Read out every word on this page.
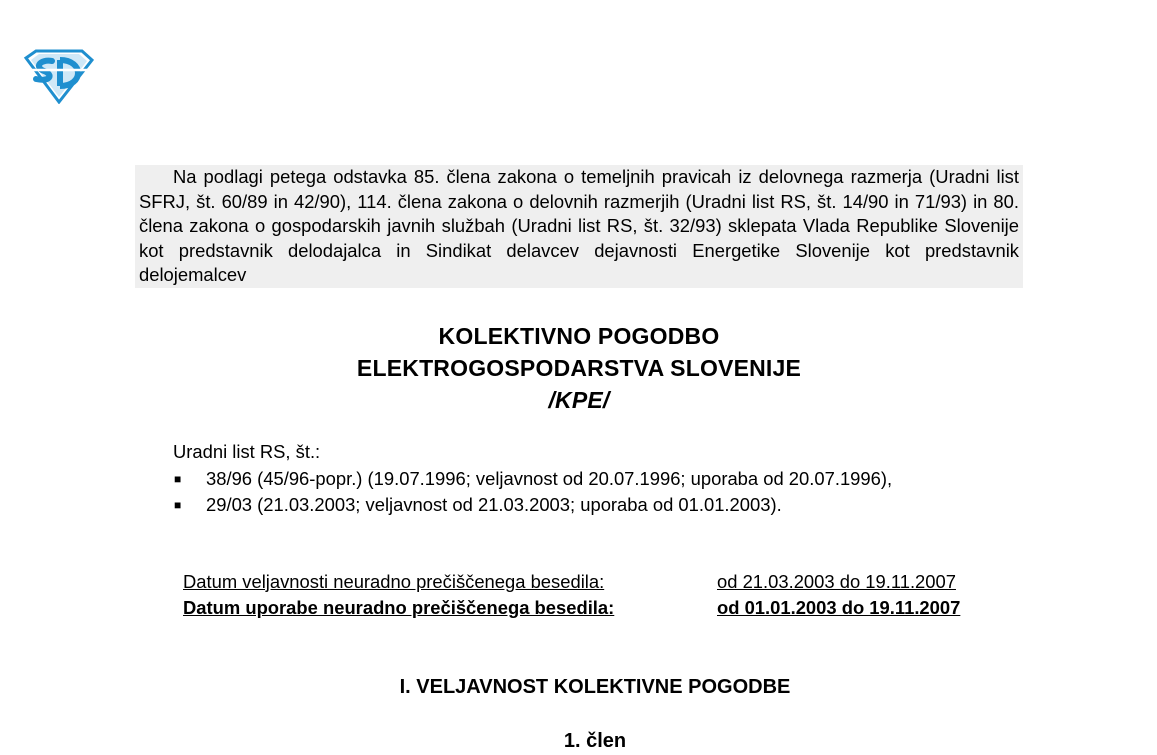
Na podlagi petega odstavka 85. člena zakona o temeljnih pravicah iz delovnega razmerja (Uradni list SFRJ, št. 60/89 in 42/90), 114. člena zakona o delovnih razmerjih (Uradni list RS, št. 14/90 in 71/93) in 80. člena zakona o gospodarskih javnih službah (Uradni list RS, št. 32/93) sklepata Vlada Republike Slovenije kot predstavnik delodajalca in Sindikat delavcev dejavnosti Energetike Slovenije kot predstavnik delojemalcev
KOLEKTIVNO POGODBO
ELEKTROGOSPODARSTVA SLOVENIJE
/KPE/
Uradni list RS, št.:
■ 38/96 (45/96-popr.) (19.07.1996; veljavnost od 20.07.1996; uporaba od 20.07.1996),
■ 29/03 (21.03.2003; veljavnost od 21.03.2003; uporaba od 01.01.2003).
Datum veljavnosti neuradno prečiščenega besedila:	od 21.03.2003 do 19.11.2007
Datum uporabe neuradno prečiščenega besedila:	od 01.01.2003 do 19.11.2007
I. VELJAVNOST KOLEKTIVNE POGODBE
1. člen
